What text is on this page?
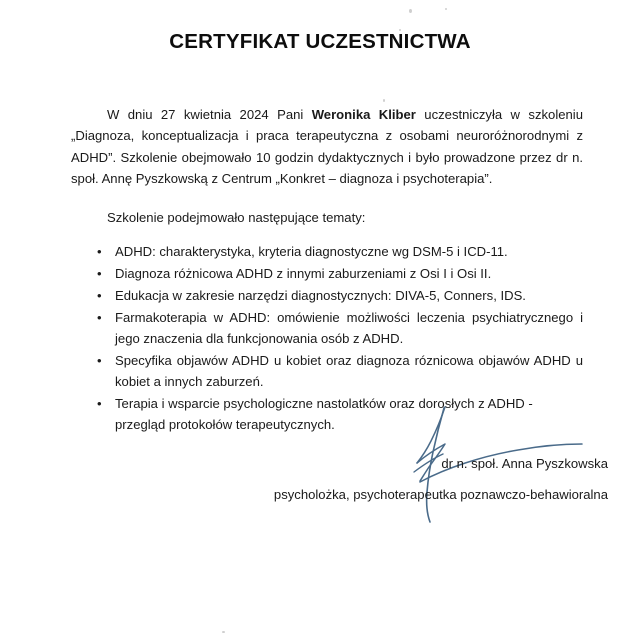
CERTYFIKAT UCZESTNICTWA

W dniu 27 kwietnia 2024 Pani Weronika Kliber uczestniczyła w szkoleniu „Diagnoza, konceptualizacja i praca terapeutyczna z osobami neuroróżnorodnymi z ADHD”. Szkolenie obejmowało 10 godzin dydaktycznych i było prowadzone przez dr n. społ. Annę Pyszkowską z Centrum „Konkret – diagnoza i psychoterapia”.

Szkolenie podejmowało następujące tematy:

• ADHD: charakterystyka, kryteria diagnostyczne wg DSM-5 i ICD-11.
• Diagnoza różnicowa ADHD z innymi zaburzeniami z Osi I i Osi II.
• Edukacja w zakresie narzędzi diagnostycznych: DIVA-5, Conners, IDS.
• Farmakoterapia w ADHD: omówienie możliwości leczenia psychiatrycznego i jego znaczenia dla funkcjonowania osób z ADHD.
• Specyfika objawów ADHD u kobiet oraz diagnoza róznicowa objawów ADHD u kobiet a innych zaburzeń.
• Terapia i wsparcie psychologiczne nastolatków oraz dorosłych z ADHD - przegląd protokołów terapeutycznych.
dr n. społ. Anna Pyszkowska
psycholożka, psychoterapeutka poznawczo-behawioralna
